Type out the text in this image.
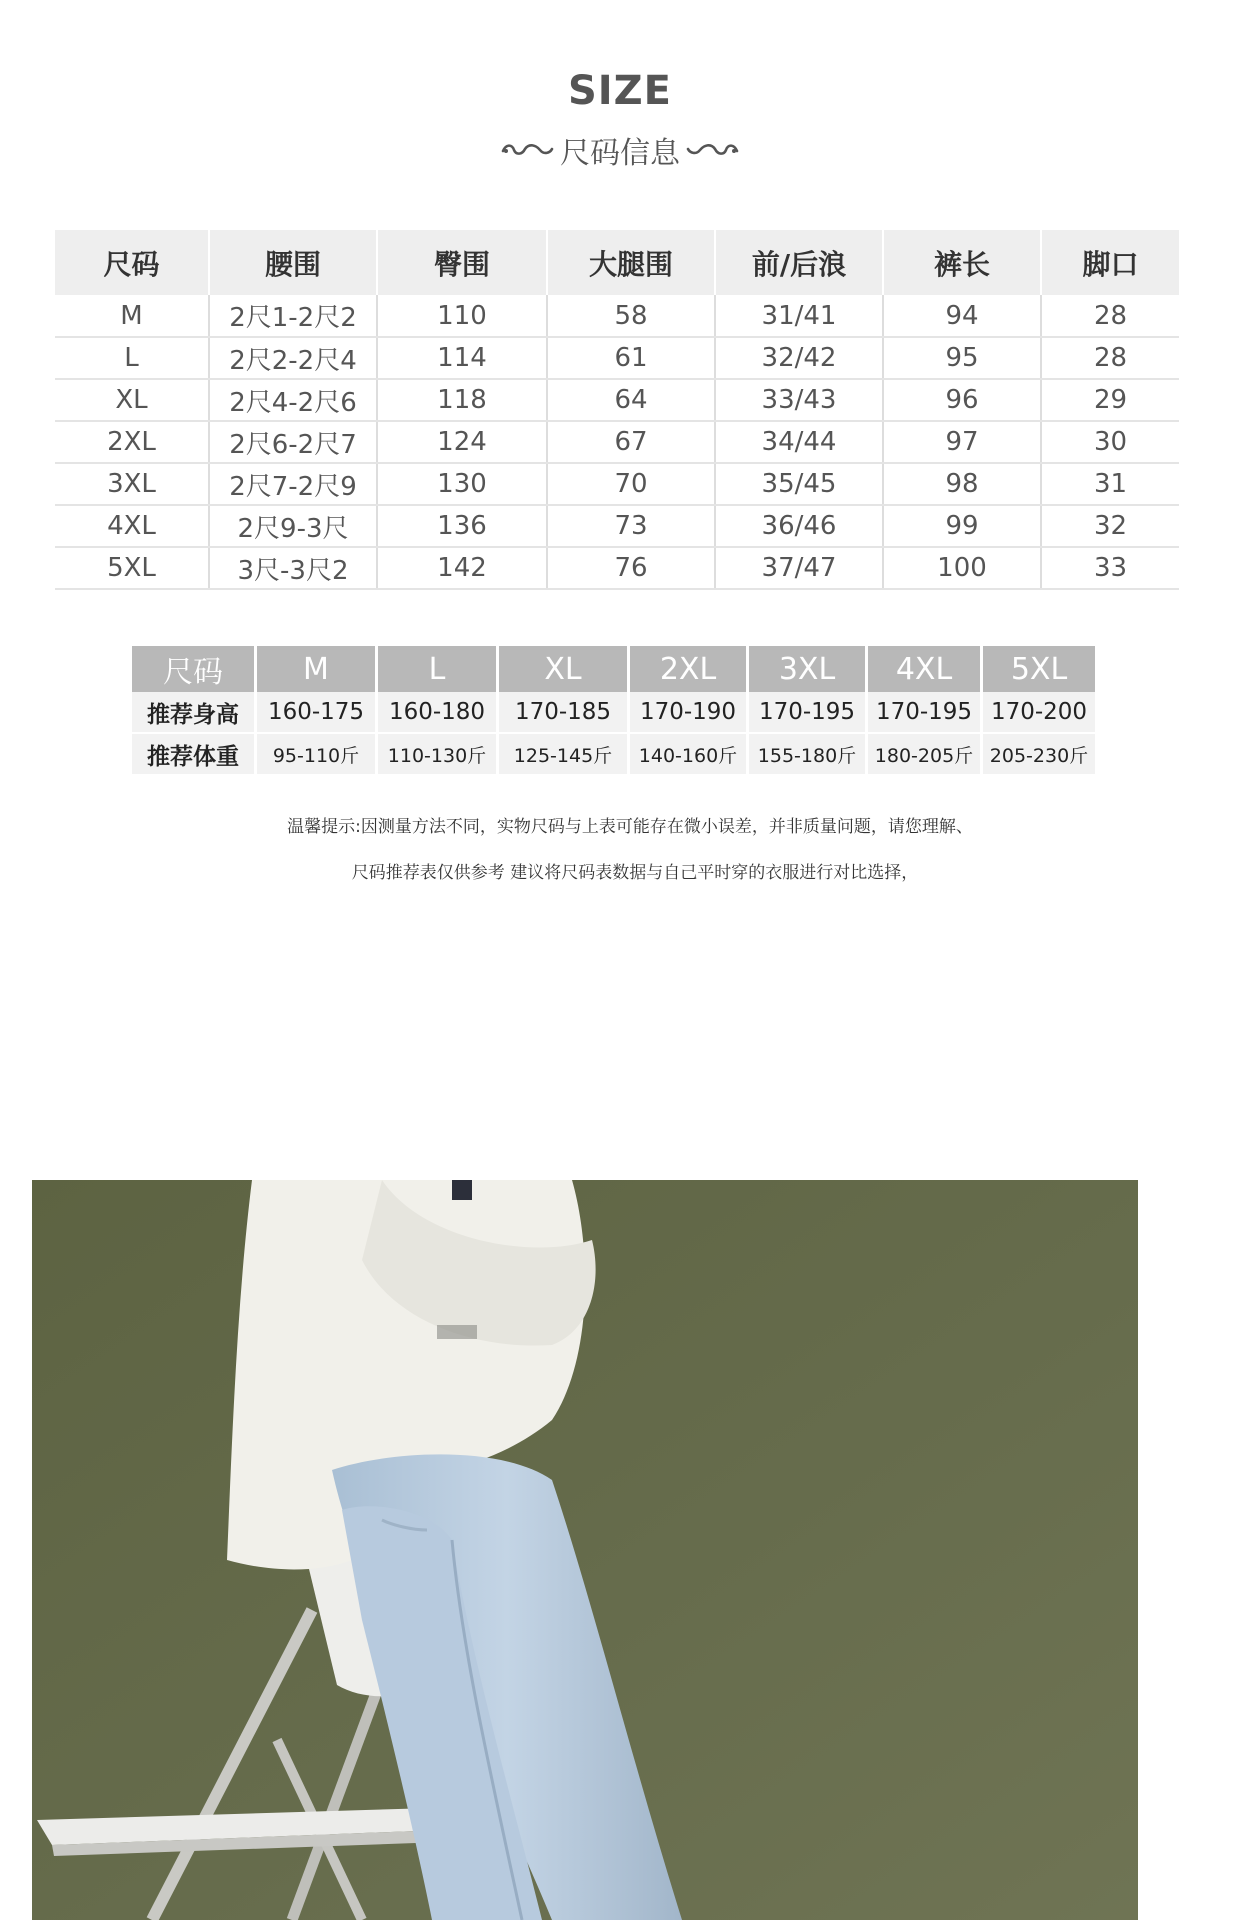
SIZE
尺码信息
尺码	腰围	臀围	大腿围	前/后浪	裤长	脚口
M	2尺1-2尺2	110	58	31/41	94	28
L	2尺2-2尺4	114	61	32/42	95	28
XL	2尺4-2尺6	118	64	33/43	96	29
2XL	2尺6-2尺7	124	67	34/44	97	30
3XL	2尺7-2尺9	130	70	35/45	98	31
4XL	2尺9-3尺	136	73	36/46	99	32
5XL	3尺-3尺2	142	76	37/47	100	33
尺码	M	L	XL	2XL	3XL	4XL	5XL
推荐身高	160-175	160-180	170-185	170-190	170-195	170-195	170-200
推荐体重	95-110斤	110-130斤	125-145斤	140-160斤	155-180斤	180-205斤	205-230斤
温馨提示:因测量方法不同，实物尺码与上表可能存在微小误差，并非质量问题，请您理解、
尺码推荐表仅供参考 建议将尺码表数据与自己平时穿的衣服进行对比选择，
